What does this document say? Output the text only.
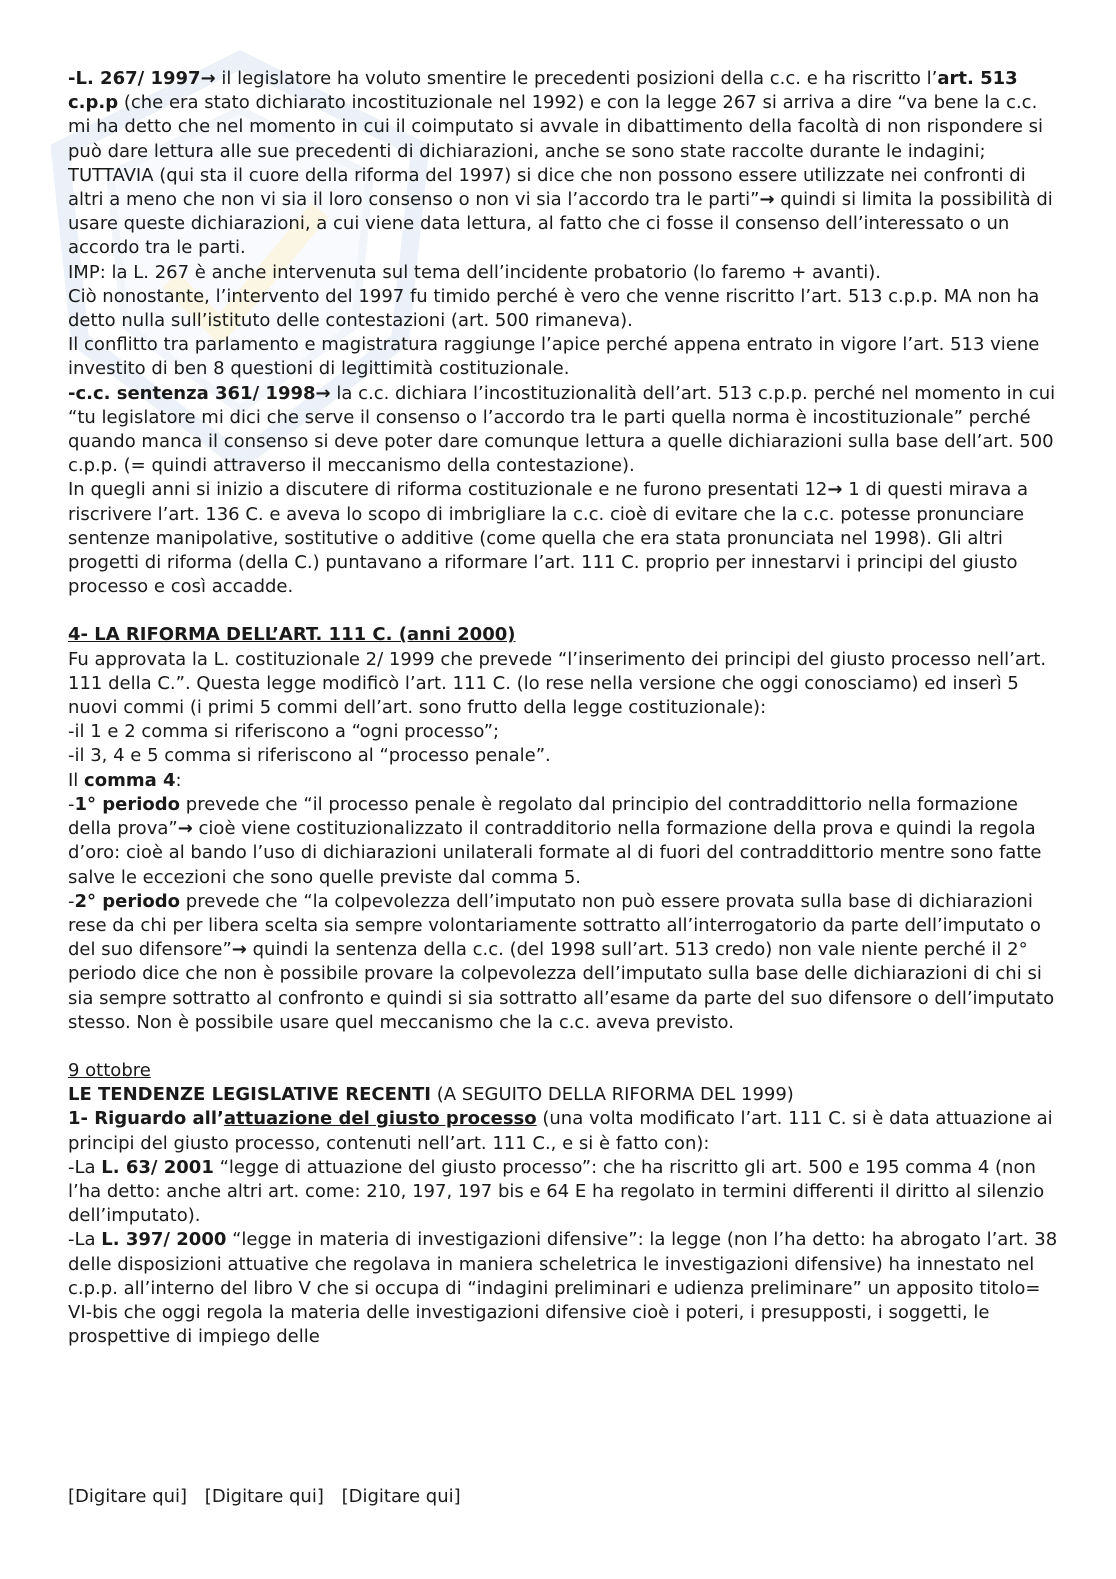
-L. 267/ 1997→ il legislatore ha voluto smentire le precedenti posizioni della c.c. e ha riscritto l’art. 513 c.p.p (che era stato dichiarato incostituzionale nel 1992) e con la legge 267 si arriva a dire “va bene la c.c. mi ha detto che nel momento in cui il coimputato si avvale in dibattimento della facoltà di non rispondere si può dare lettura alle sue precedenti di dichiarazioni, anche se sono state raccolte durante le indagini; TUTTAVIA (qui sta il cuore della riforma del 1997) si dice che non possono essere utilizzate nei confronti di altri a meno che non vi sia il loro consenso o non vi sia l’accordo tra le parti”→ quindi si limita la possibilità di usare queste dichiarazioni, a cui viene data lettura, al fatto che ci fosse il consenso dell’interessato o un accordo tra le parti.

IMP: la L. 267 è anche intervenuta sul tema dell’incidente probatorio (lo faremo + avanti).

Ciò nonostante, l’intervento del 1997 fu timido perché è vero che venne riscritto l’art. 513 c.p.p. MA non ha detto nulla sull’istituto delle contestazioni (art. 500 rimaneva).

Il conflitto tra parlamento e magistratura raggiunge l’apice perché appena entrato in vigore l’art. 513 viene investito di ben 8 questioni di legittimità costituzionale.

-c.c. sentenza 361/ 1998→ la c.c. dichiara l’incostituzionalità dell’art. 513 c.p.p. perché nel momento in cui “tu legislatore mi dici che serve il consenso o l’accordo tra le parti quella norma è incostituzionale” perché quando manca il consenso si deve poter dare comunque lettura a quelle dichiarazioni sulla base dell’art. 500 c.p.p. (= quindi attraverso il meccanismo della contestazione).

In quegli anni si inizio a discutere di riforma costituzionale e ne furono presentati 12→ 1 di questi mirava a riscrivere l’art. 136 C. e aveva lo scopo di imbrigliare la c.c. cioè di evitare che la c.c. potesse pronunciare sentenze manipolative, sostitutive o additive (come quella che era stata pronunciata nel 1998). Gli altri progetti di riforma (della C.) puntavano a riformare l’art. 111 C. proprio per innestarvi i principi del giusto processo e così accadde.

4- LA RIFORMA DELL’ART. 111 C. (anni 2000)

Fu approvata la L. costituzionale 2/ 1999 che prevede “l’inserimento dei principi del giusto processo nell’art. 111 della C.”. Questa legge modificò l’art. 111 C. (lo rese nella versione che oggi conosciamo) ed inserì 5 nuovi commi (i primi 5 commi dell’art. sono frutto della legge costituzionale):

-il 1 e 2 comma si riferiscono a “ogni processo”;

-il 3, 4 e 5 comma si riferiscono al “processo penale”.

Il comma 4:

-1° periodo prevede che “il processo penale è regolato dal principio del contraddittorio nella formazione della prova”→ cioè viene costituzionalizzato il contradditorio nella formazione della prova e quindi la regola d’oro: cioè al bando l’uso di dichiarazioni unilaterali formate al di fuori del contraddittorio mentre sono fatte salve le eccezioni che sono quelle previste dal comma 5.

-2° periodo prevede che “la colpevolezza dell’imputato non può essere provata sulla base di dichiarazioni rese da chi per libera scelta sia sempre volontariamente sottratto all’interrogatorio da parte dell’imputato o del suo difensore”→ quindi la sentenza della c.c. (del 1998 sull’art. 513 credo) non vale niente perché il 2° periodo dice che non è possibile provare la colpevolezza dell’imputato sulla base delle dichiarazioni di chi si sia sempre sottratto al confronto e quindi si sia sottratto all’esame da parte del suo difensore o dell’imputato stesso. Non è possibile usare quel meccanismo che la c.c. aveva previsto.

9 ottobre

LE TENDENZE LEGISLATIVE RECENTI (A SEGUITO DELLA RIFORMA DEL 1999)

1- Riguardo all’attuazione del giusto processo (una volta modificato l’art. 111 C. si è data attuazione ai principi del giusto processo, contenuti nell’art. 111 C., e si è fatto con):

-La L. 63/ 2001 “legge di attuazione del giusto processo”: che ha riscritto gli art. 500 e 195 comma 4 (non l’ha detto: anche altri art. come: 210, 197, 197 bis e 64 E ha regolato in termini differenti il diritto al silenzio dell’imputato).

-La L. 397/ 2000 “legge in materia di investigazioni difensive”: la legge (non l’ha detto: ha abrogato l’art. 38 delle disposizioni attuative che regolava in maniera scheletrica le investigazioni difensive) ha innestato nel c.p.p. all’interno del libro V che si occupa di “indagini preliminari e udienza preliminare” un apposito titolo= VI-bis che oggi regola la materia delle investigazioni difensive cioè i poteri, i presupposti, i soggetti, le prospettive di impiego delle

[Digitare qui] [Digitare qui] [Digitare qui]
